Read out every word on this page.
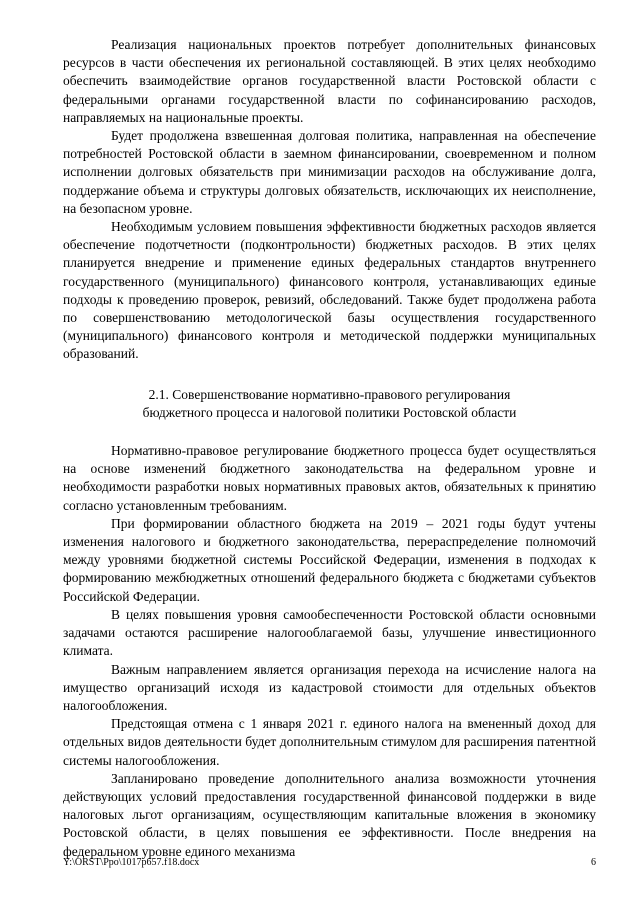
Реализация национальных проектов потребует дополнительных финансовых ресурсов в части обеспечения их региональной составляющей. В этих целях необходимо обеспечить взаимодействие органов государственной власти Ростовской области с федеральными органами государственной власти по софинансированию расходов, направляемых на национальные проекты.

Будет продолжена взвешенная долговая политика, направленная на обеспечение потребностей Ростовской области в заемном финансировании, своевременном и полном исполнении долговых обязательств при минимизации расходов на обслуживание долга, поддержание объема и структуры долговых обязательств, исключающих их неисполнение, на безопасном уровне.

Необходимым условием повышения эффективности бюджетных расходов является обеспечение подотчетности (подконтрольности) бюджетных расходов. В этих целях планируется внедрение и применение единых федеральных стандартов внутреннего государственного (муниципального) финансового контроля, устанавливающих единые подходы к проведению проверок, ревизий, обследований. Также будет продолжена работа по совершенствованию методологической базы осуществления государственного (муниципального) финансового контроля и методической поддержки муниципальных образований.

2.1. Совершенствование нормативно-правового регулирования
бюджетного процесса и налоговой политики Ростовской области

Нормативно-правовое регулирование бюджетного процесса будет осуществляться на основе изменений бюджетного законодательства на федеральном уровне и необходимости разработки новых нормативных правовых актов, обязательных к принятию согласно установленным требованиям.

При формировании областного бюджета на 2019 – 2021 годы будут учтены изменения налогового и бюджетного законодательства, перераспределение полномочий между уровнями бюджетной системы Российской Федерации, изменения в подходах к формированию межбюджетных отношений федерального бюджета с бюджетами субъектов Российской Федерации.

В целях повышения уровня самообеспеченности Ростовской области основными задачами остаются расширение налогооблагаемой базы, улучшение инвестиционного климата.

Важным направлением является организация перехода на исчисление налога на имущество организаций исходя из кадастровой стоимости для отдельных объектов налогообложения.

Предстоящая отмена с 1 января 2021 г. единого налога на вмененный доход для отдельных видов деятельности будет дополнительным стимулом для расширения патентной системы налогообложения.

Запланировано проведение дополнительного анализа возможности уточнения действующих условий предоставления государственной финансовой поддержки в виде налоговых льгот организациям, осуществляющим капитальные вложения в экономику Ростовской области, в целях повышения ее эффективности. После внедрения на федеральном уровне единого механизма

Y:\ORST\Ppo\1017p657.f18.docx	6
